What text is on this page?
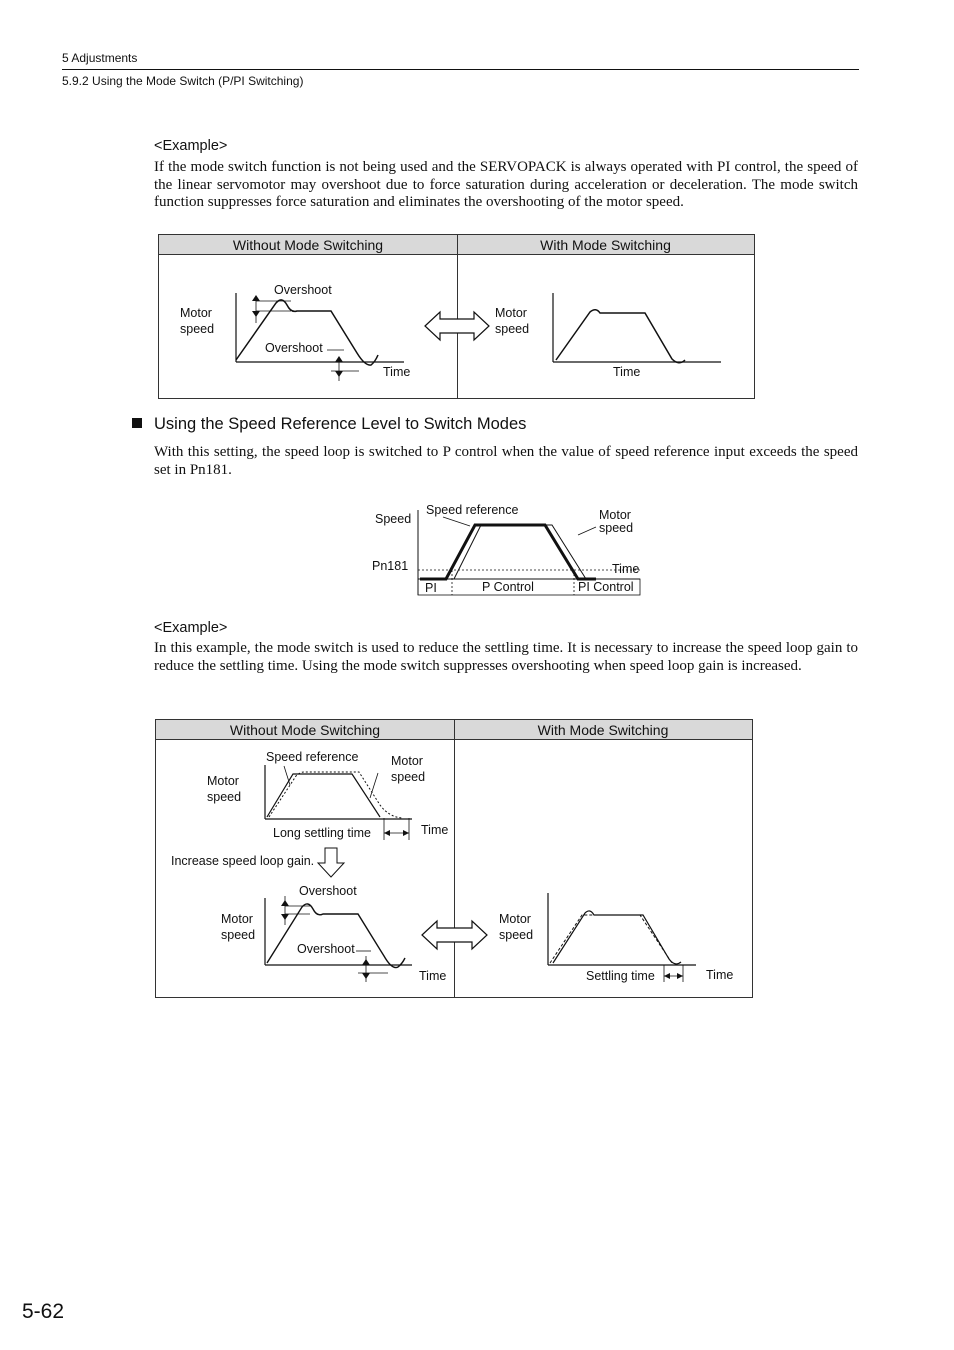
5 Adjustments
5.9.2 Using the Mode Switch (P/PI Switching)
<Example>
If the mode switch function is not being used and the SERVOPACK is always operated with PI control, the speed of the linear servomotor may overshoot due to force saturation during acceleration or deceleration. The mode switch function suppresses force saturation and eliminates the overshooting of the motor speed.
Without Mode Switching	With Mode Switching
Motor
speed
Overshoot
Overshoot
Time
Motor
speed
Time
Using the Speed Reference Level to Switch Modes
With this setting, the speed loop is switched to P control when the value of speed reference input exceeds the speed set in Pn181.
Speed
Speed reference	Motor
speed
Pn181	Time
PI	P Control	PI Control
<Example>
In this example, the mode switch is used to reduce the settling time. It is necessary to increase the speed loop gain to reduce the settling time. Using the mode switch suppresses overshooting when speed loop gain is increased.
Without Mode Switching	With Mode Switching
Speed reference	Motor
speed
Motor
speed
Long settling time	Time
Increase speed loop gain.
Overshoot
Motor
speed
Overshoot
Time
Motor
speed
Settling time	Time
5-62
